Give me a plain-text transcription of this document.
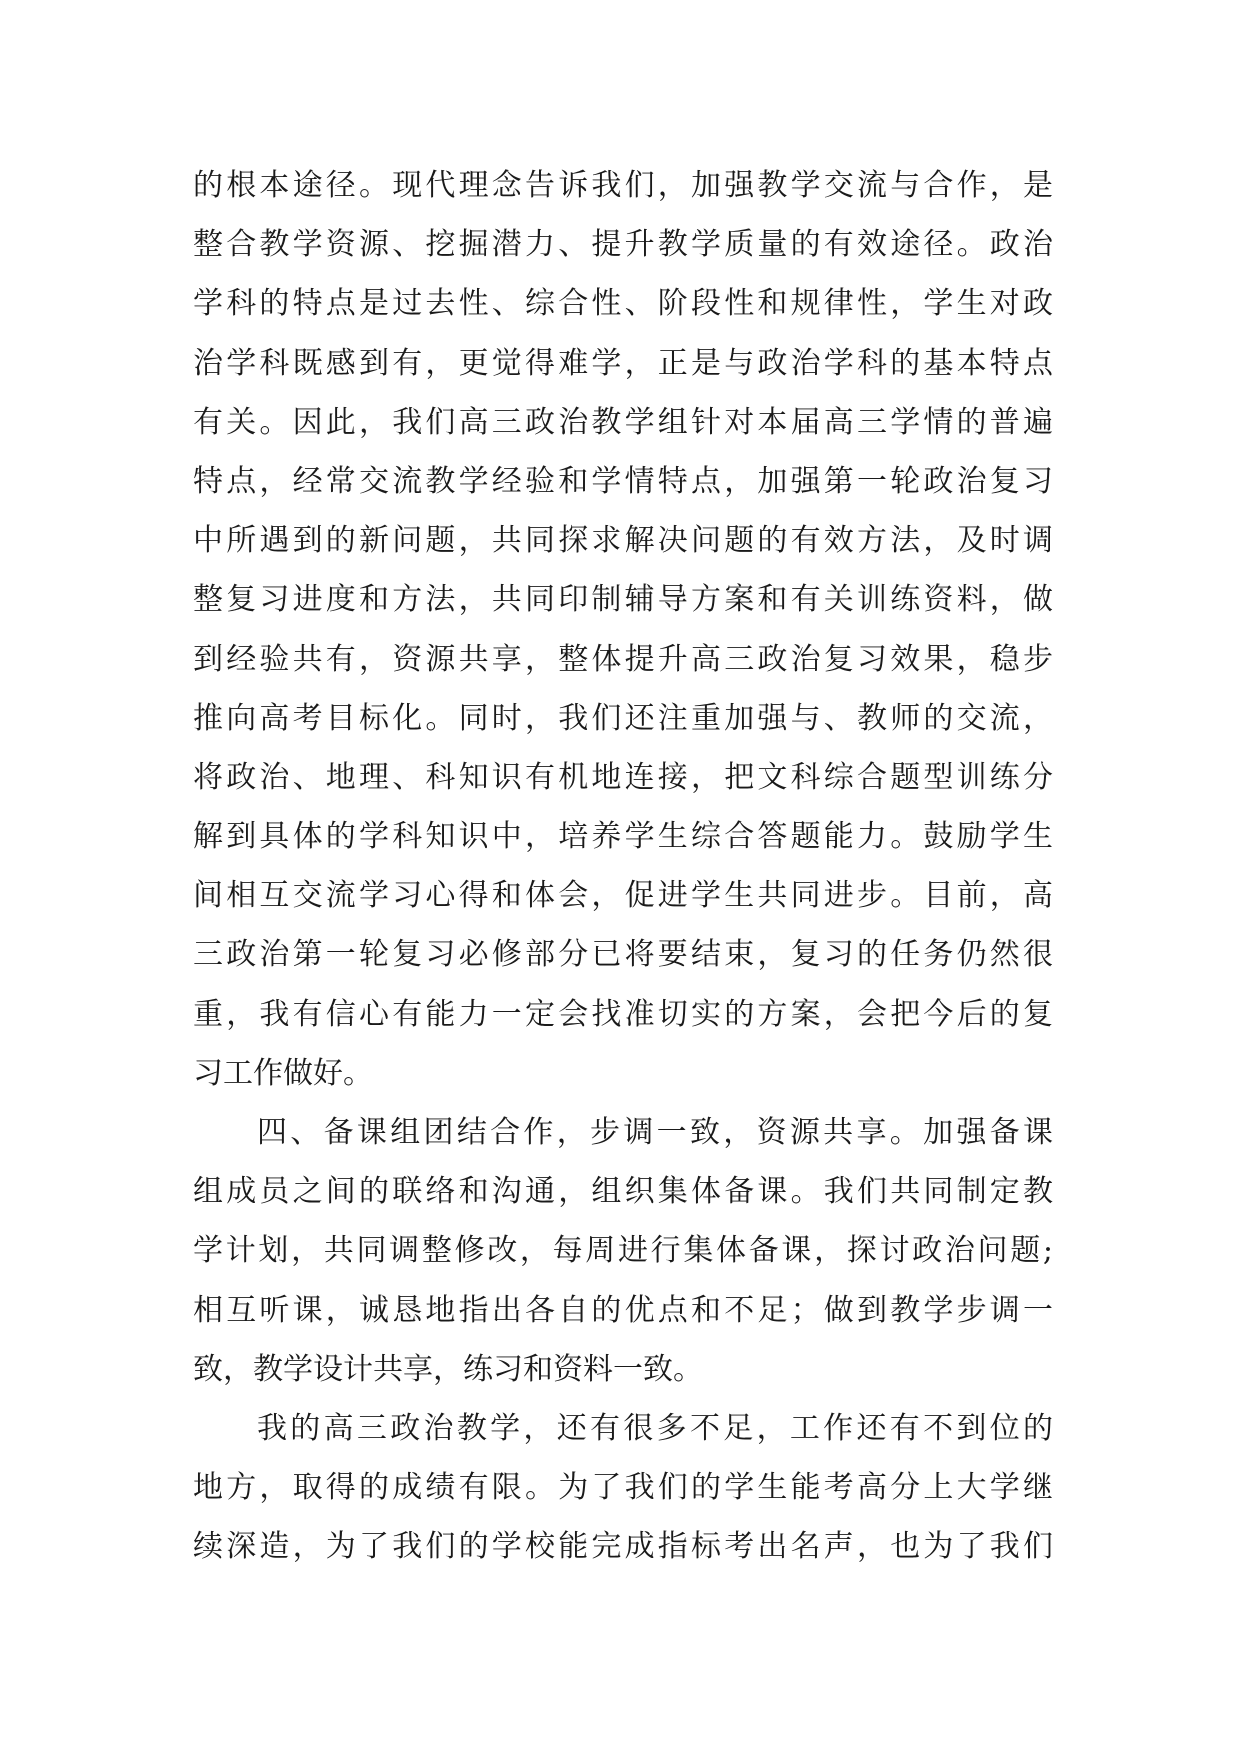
的根本途径。现代理念告诉我们，加强教学交流与合作，是
整合教学资源、挖掘潜力、提升教学质量的有效途径。政治
学科的特点是过去性、综合性、阶段性和规律性，学生对政
治学科既感到有，更觉得难学，正是与政治学科的基本特点
有关。因此，我们高三政治教学组针对本届高三学情的普遍
特点，经常交流教学经验和学情特点，加强第一轮政治复习
中所遇到的新问题，共同探求解决问题的有效方法，及时调
整复习进度和方法，共同印制辅导方案和有关训练资料，做
到经验共有，资源共享，整体提升高三政治复习效果，稳步
推向高考目标化。同时，我们还注重加强与、教师的交流，
将政治、地理、科知识有机地连接，把文科综合题型训练分
解到具体的学科知识中，培养学生综合答题能力。鼓励学生
间相互交流学习心得和体会，促进学生共同进步。目前，高
三政治第一轮复习必修部分已将要结束，复习的任务仍然很
重，我有信心有能力一定会找准切实的方案，会把今后的复
习工作做好。
四、备课组团结合作，步调一致，资源共享。加强备课
组成员之间的联络和沟通，组织集体备课。我们共同制定教
学计划，共同调整修改，每周进行集体备课，探讨政治问题;
相互听课，诚恳地指出各自的优点和不足；做到教学步调一
致，教学设计共享，练习和资料一致。
我的高三政治教学，还有很多不足，工作还有不到位的
地方，取得的成绩有限。为了我们的学生能考高分上大学继
续深造，为了我们的学校能完成指标考出名声，也为了我们
